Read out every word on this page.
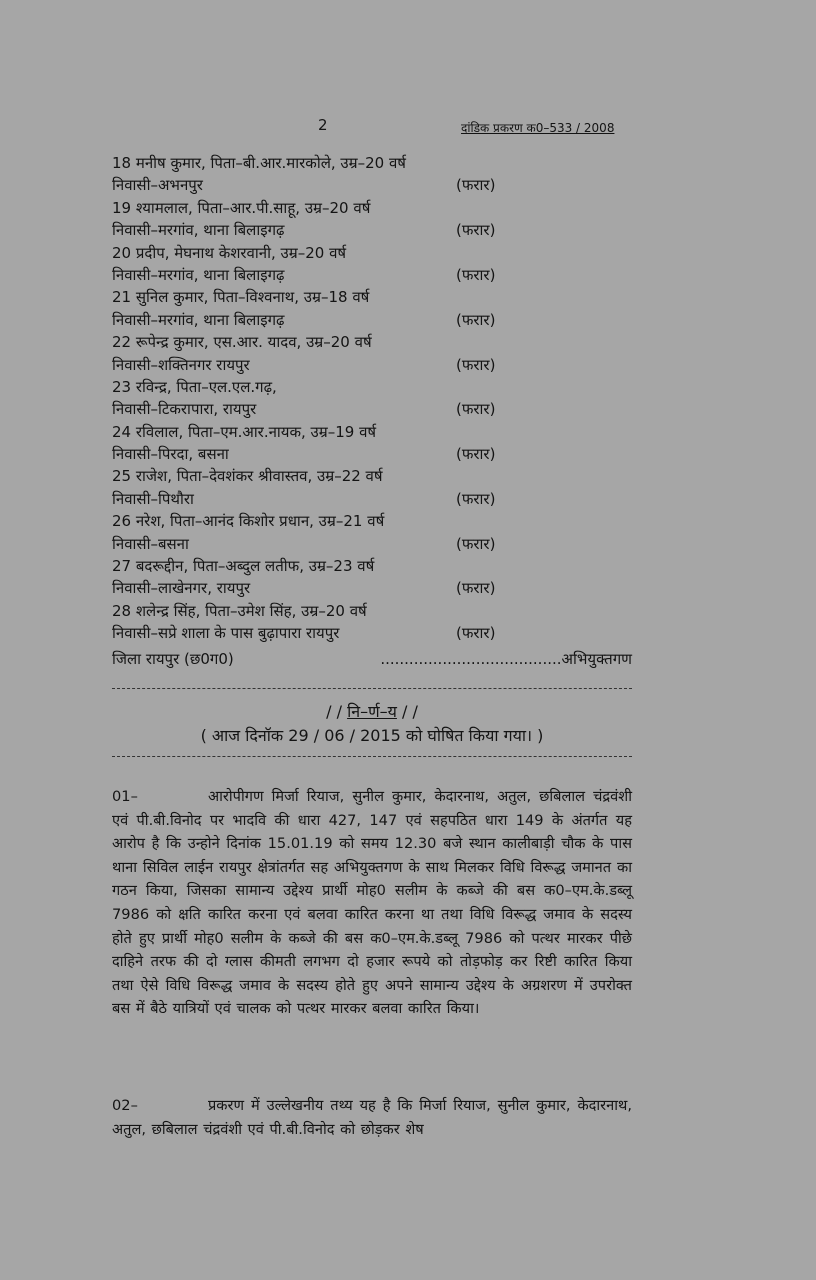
2	दांडिक प्रकरण क0–533 / 2008
18 मनीष कुमार, पिता–बी.आर.मारकोले, उम्र–20 वर्ष
निवासी–अभनपुर	(फरार)
19 श्यामलाल, पिता–आर.पी.साहू, उम्र–20 वर्ष
निवासी–मरगांव, थाना बिलाइगढ़	(फरार)
20 प्रदीप, मेघनाथ केशरवानी, उम्र–20 वर्ष
निवासी–मरगांव, थाना बिलाइगढ़	(फरार)
21 सुनिल कुमार, पिता–विश्वनाथ, उम्र–18 वर्ष
निवासी–मरगांव, थाना बिलाइगढ़	(फरार)
22 रूपेन्द्र कुमार, एस.आर. यादव, उम्र–20 वर्ष
निवासी–शक्तिनगर रायपुर	(फरार)
23 रविन्द्र, पिता–एल.एल.गढ़,
निवासी–टिकरापारा, रायपुर	(फरार)
24 रविलाल, पिता–एम.आर.नायक, उम्र–19 वर्ष
निवासी–पिरदा, बसना	(फरार)
25 राजेश, पिता–देवशंकर श्रीवास्तव, उम्र–22 वर्ष
निवासी–पिथौरा	(फरार)
26 नरेश, पिता–आनंद किशोर प्रधान, उम्र–21 वर्ष
निवासी–बसना	(फरार)
27 बदरूद्दीन, पिता–अब्दुल लतीफ, उम्र–23 वर्ष
निवासी–लाखेनगर, रायपुर	(फरार)
28 शलेन्द्र सिंह, पिता–उमेश सिंह, उम्र–20 वर्ष
निवासी–सप्रे शाला के पास बुढ़ापारा रायपुर	(फरार)
जिला रायपुर (छ0ग0)	......................................अभियुक्तगण
/ / नि–र्ण–य / /
( आज दिनॉक 29 / 06 / 2015 को घोषित किया गया। )
01–	आरोपीगण मिर्जा रियाज, सुनील कुमार, केदारनाथ, अतुल, छबिलाल चंद्रवंशी एवं पी.बी.विनोद पर भादवि की धारा 427, 147 एवं सहपठित धारा 149 के अंतर्गत यह आरोप है कि उन्होने दिनांक 15.01.19 को समय 12.30 बजे स्थान कालीबाड़ी चौक के पास थाना सिविल लाईन रायपुर क्षेत्रांतर्गत सह अभियुक्तगण के साथ मिलकर विधि विरूद्ध जमानत का गठन किया, जिसका सामान्य उद्देश्य प्रार्थी मोह0 सलीम के कब्जे की बस क0–एम.के.डब्लू 7986 को क्षति कारित करना एवं बलवा कारित करना था तथा विधि विरूद्ध जमाव के सदस्य होते हुए प्रार्थी मोह0 सलीम के कब्जे की बस क0–एम.के.डब्लू 7986 को पत्थर मारकर पीछे दाहिने तरफ की दो ग्लास कीमती लगभग दो हजार रूपये को तोड़फोड़ कर रिष्टी कारित किया तथा ऐसे विधि विरूद्ध जमाव के सदस्य होते हुए अपने सामान्य उद्देश्य के अग्रशरण में उपरोक्त बस में बैठे यात्रियों एवं चालक को पत्थर मारकर बलवा कारित किया।
02–	प्रकरण में उल्लेखनीय तथ्य यह है कि मिर्जा रियाज, सुनील कुमार, केदारनाथ, अतुल, छबिलाल चंद्रवंशी एवं पी.बी.विनोद को छोड़कर शेष
